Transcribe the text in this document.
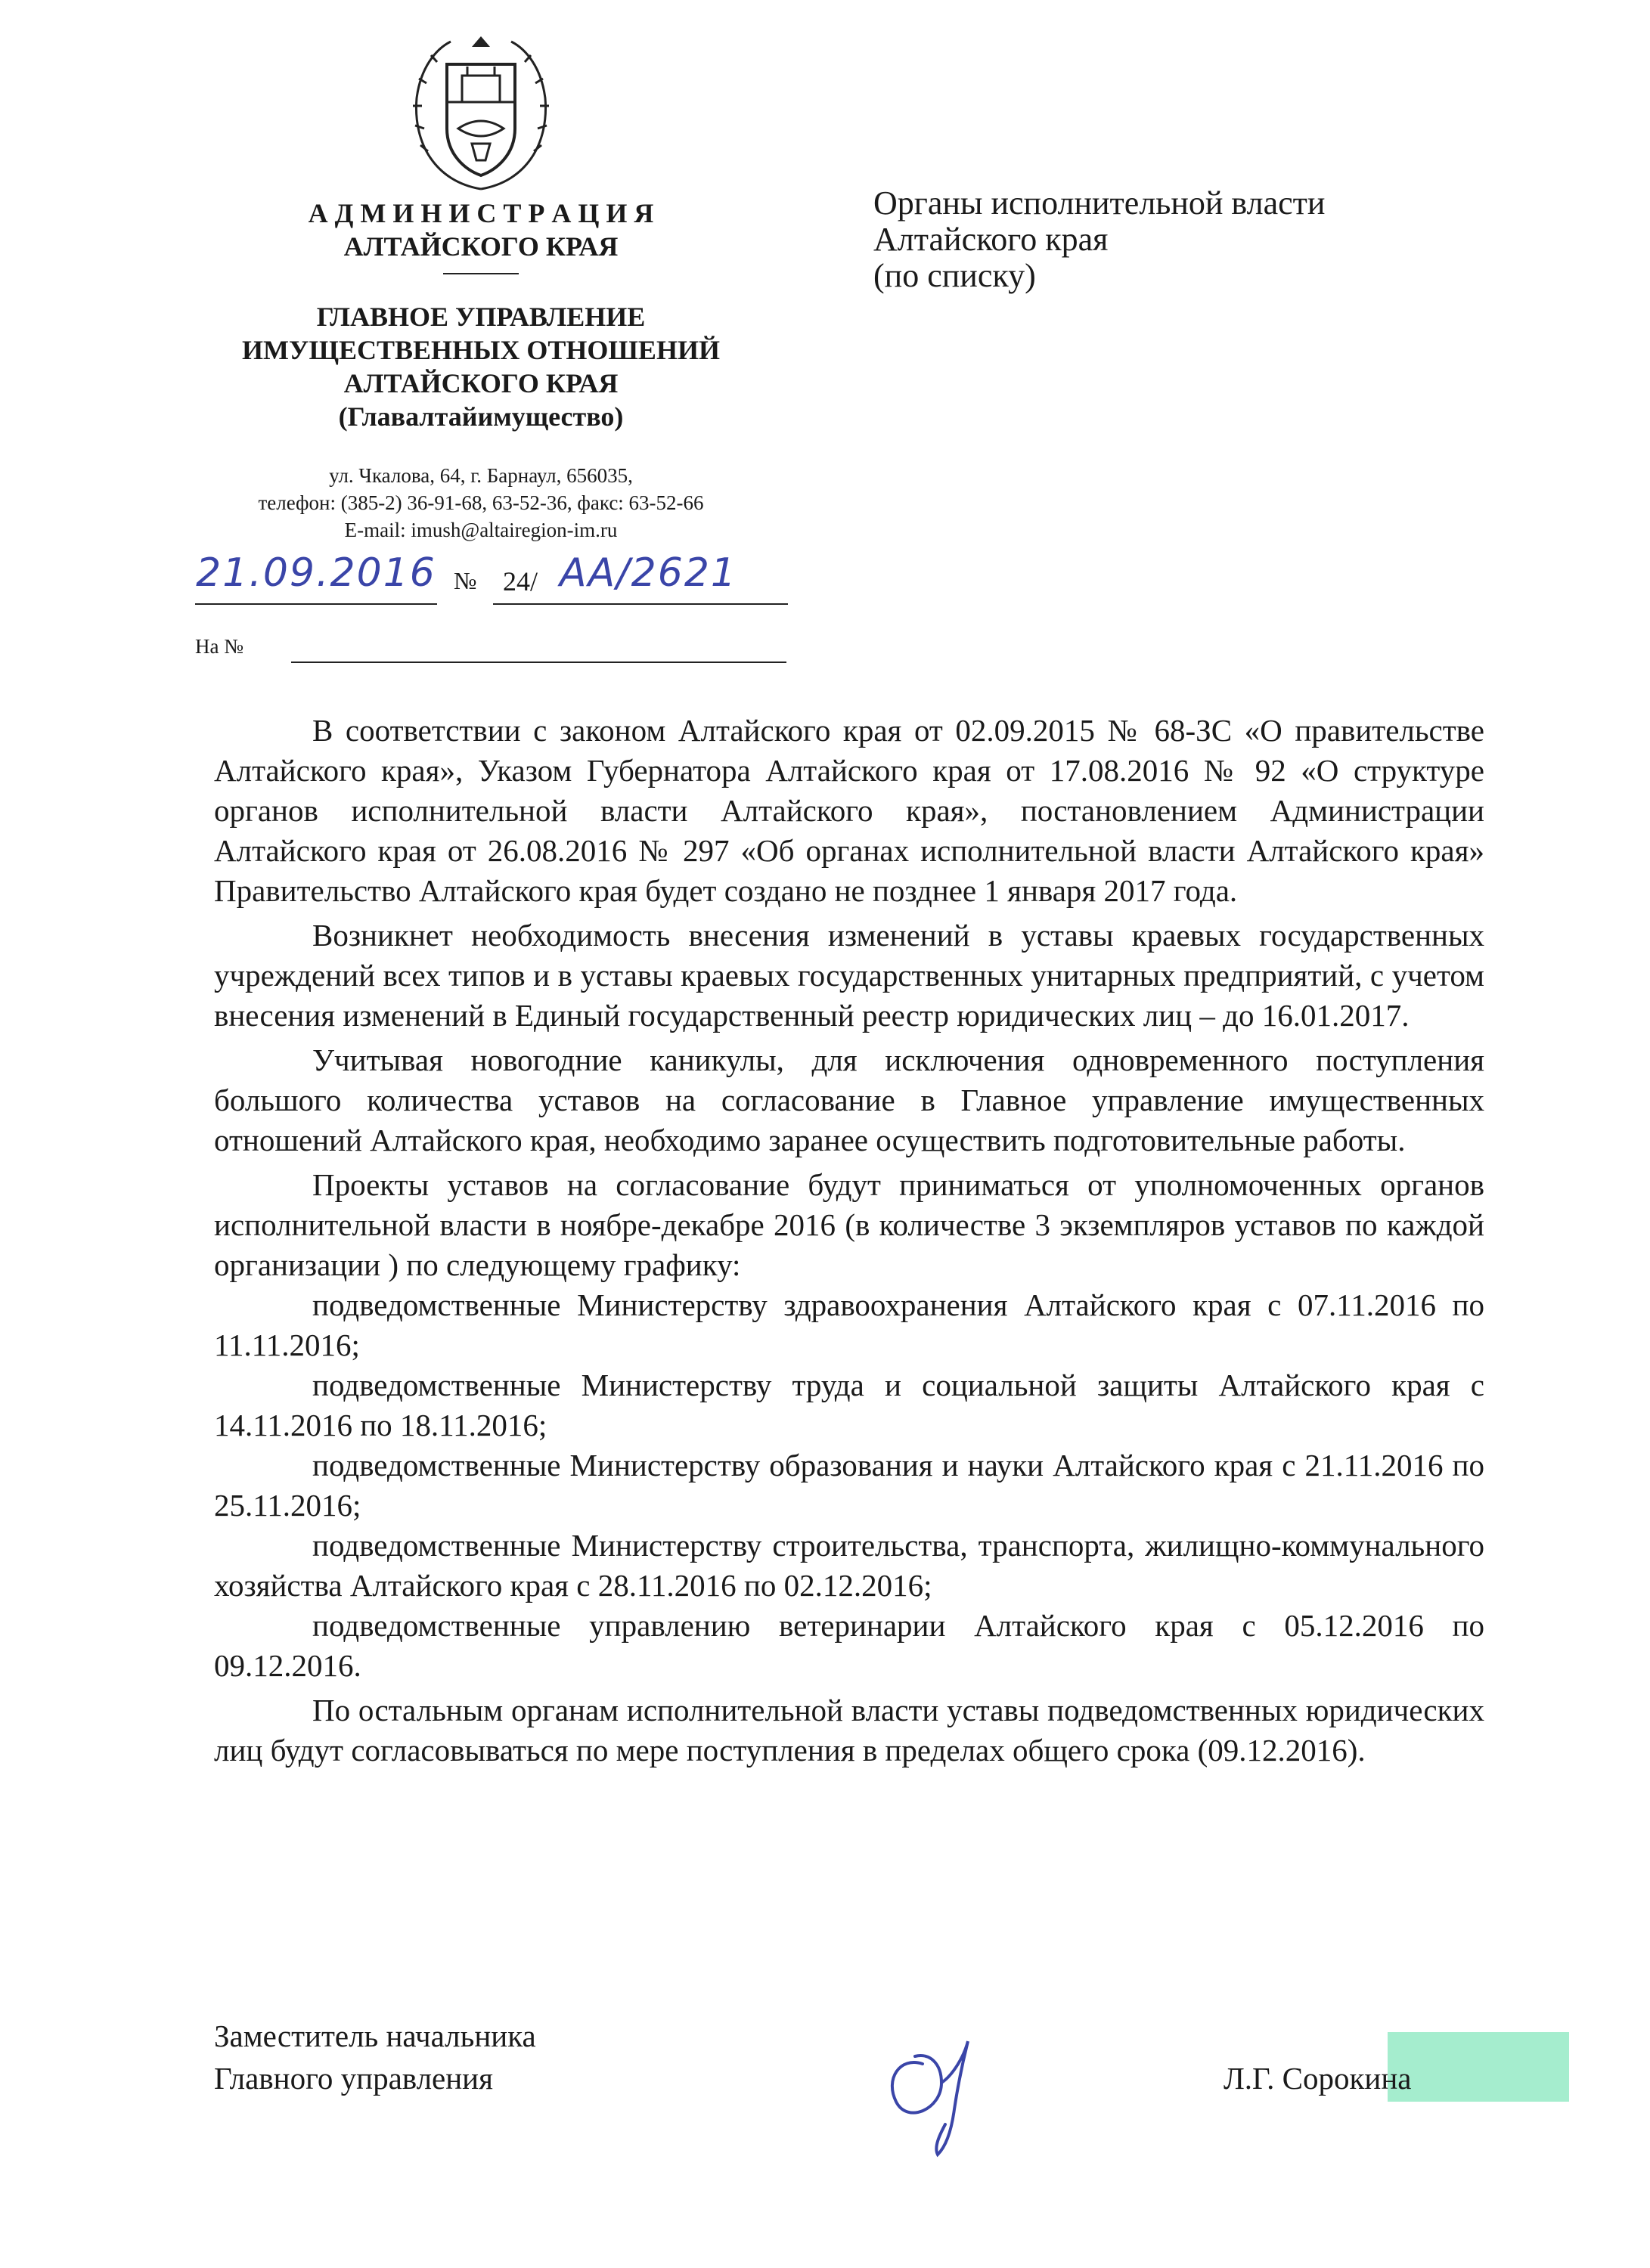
А Д М И Н И С Т Р А Ц И Я
АЛТАЙСКОГО КРАЯ
ГЛАВНОЕ УПРАВЛЕНИЕ
ИМУЩЕСТВЕННЫХ ОТНОШЕНИЙ
АЛТАЙСКОГО КРАЯ
(Главалтайимущество)
ул. Чкалова, 64, г. Барнаул, 656035,
телефон: (385-2) 36-91-68, 63-52-36, факс: 63-52-66
E-mail: imush@altairegion-im.ru
21.09.2016 № 24/ АА/2621
На №
Органы исполнительной власти
Алтайского края
(по списку)

В соответствии с законом Алтайского края от 02.09.2015 № 68-ЗС «О правительстве Алтайского края», Указом Губернатора Алтайского края от 17.08.2016 № 92 «О структуре органов исполнительной власти Алтайского края», постановлением Администрации Алтайского края от 26.08.2016 № 297 «Об органах исполнительной власти Алтайского края» Правительство Алтайского края будет создано не позднее 1 января 2017 года.

Возникнет необходимость внесения изменений в уставы краевых государственных учреждений всех типов и в уставы краевых государственных унитарных предприятий, с учетом внесения изменений в Единый государственный реестр юридических лиц – до 16.01.2017.

Учитывая новогодние каникулы, для исключения одновременного поступления большого количества уставов на согласование в Главное управление имущественных отношений Алтайского края, необходимо заранее осуществить подготовительные работы.

Проекты уставов на согласование будут приниматься от уполномоченных органов исполнительной власти в ноябре-декабре 2016 (в количестве 3 экземпляров уставов по каждой организации ) по следующему графику:

подведомственные Министерству здравоохранения Алтайского края с 07.11.2016 по 11.11.2016;

подведомственные Министерству труда и социальной защиты Алтайского края с 14.11.2016 по 18.11.2016;

подведомственные Министерству образования и науки Алтайского края с 21.11.2016 по 25.11.2016;

подведомственные Министерству строительства, транспорта, жилищно-коммунального хозяйства Алтайского края с 28.11.2016 по 02.12.2016;

подведомственные управлению ветеринарии Алтайского края с 05.12.2016 по 09.12.2016.

По остальным органам исполнительной власти уставы подведомственных юридических лиц будут согласовываться по мере поступления в пределах общего срока (09.12.2016).

Заместитель начальника
Главного управления	Л.Г. Сорокина
